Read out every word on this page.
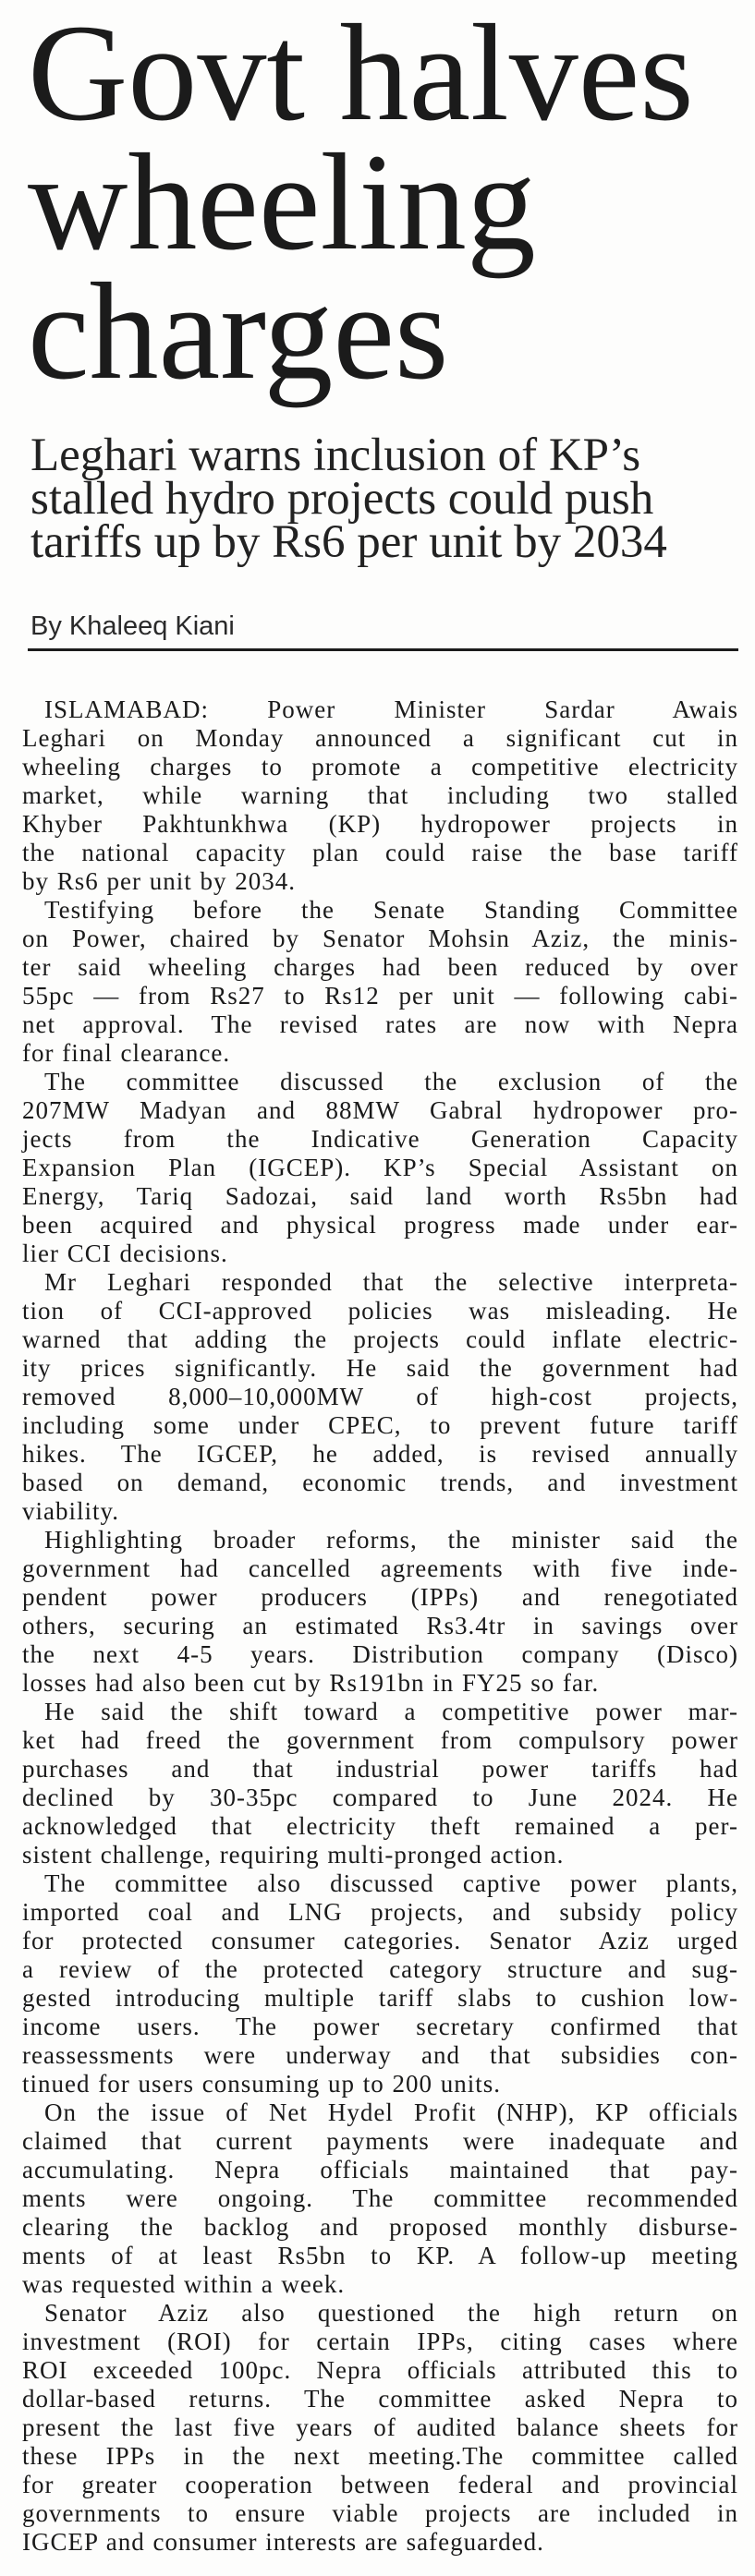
Govt halves
wheeling
charges
Leghari warns inclusion of KP’s
stalled hydro projects could push
tariffs up by Rs6 per unit by 2034
By Khaleeq Kiani
ISLAMABAD: Power Minister Sardar Awais
Leghari on Monday announced a significant cut in
wheeling charges to promote a competitive electricity
market, while warning that including two stalled
Khyber Pakhtunkhwa (KP) hydropower projects in
the national capacity plan could raise the base tariff
by Rs6 per unit by 2034.
Testifying before the Senate Standing Committee
on Power, chaired by Senator Mohsin Aziz, the minis-
ter said wheeling charges had been reduced by over
55pc — from Rs27 to Rs12 per unit — following cabi-
net approval. The revised rates are now with Nepra
for final clearance.
The committee discussed the exclusion of the
207MW Madyan and 88MW Gabral hydropower pro-
jects from the Indicative Generation Capacity
Expansion Plan (IGCEP). KP’s Special Assistant on
Energy, Tariq Sadozai, said land worth Rs5bn had
been acquired and physical progress made under ear-
lier CCI decisions.
Mr Leghari responded that the selective interpreta-
tion of CCI-approved policies was misleading. He
warned that adding the projects could inflate electric-
ity prices significantly. He said the government had
removed 8,000–10,000MW of high-cost projects,
including some under CPEC, to prevent future tariff
hikes. The IGCEP, he added, is revised annually
based on demand, economic trends, and investment
viability.
Highlighting broader reforms, the minister said the
government had cancelled agreements with five inde-
pendent power producers (IPPs) and renegotiated
others, securing an estimated Rs3.4tr in savings over
the next 4-5 years. Distribution company (Disco)
losses had also been cut by Rs191bn in FY25 so far.
He said the shift toward a competitive power mar-
ket had freed the government from compulsory power
purchases and that industrial power tariffs had
declined by 30-35pc compared to June 2024. He
acknowledged that electricity theft remained a per-
sistent challenge, requiring multi-pronged action.
The committee also discussed captive power plants,
imported coal and LNG projects, and subsidy policy
for protected consumer categories. Senator Aziz urged
a review of the protected category structure and sug-
gested introducing multiple tariff slabs to cushion low-
income users. The power secretary confirmed that
reassessments were underway and that subsidies con-
tinued for users consuming up to 200 units.
On the issue of Net Hydel Profit (NHP), KP officials
claimed that current payments were inadequate and
accumulating. Nepra officials maintained that pay-
ments were ongoing. The committee recommended
clearing the backlog and proposed monthly disburse-
ments of at least Rs5bn to KP. A follow-up meeting
was requested within a week.
Senator Aziz also questioned the high return on
investment (ROI) for certain IPPs, citing cases where
ROI exceeded 100pc. Nepra officials attributed this to
dollar-based returns. The committee asked Nepra to
present the last five years of audited balance sheets for
these IPPs in the next meeting.The committee called
for greater cooperation between federal and provincial
governments to ensure viable projects are included in
IGCEP and consumer interests are safeguarded.
